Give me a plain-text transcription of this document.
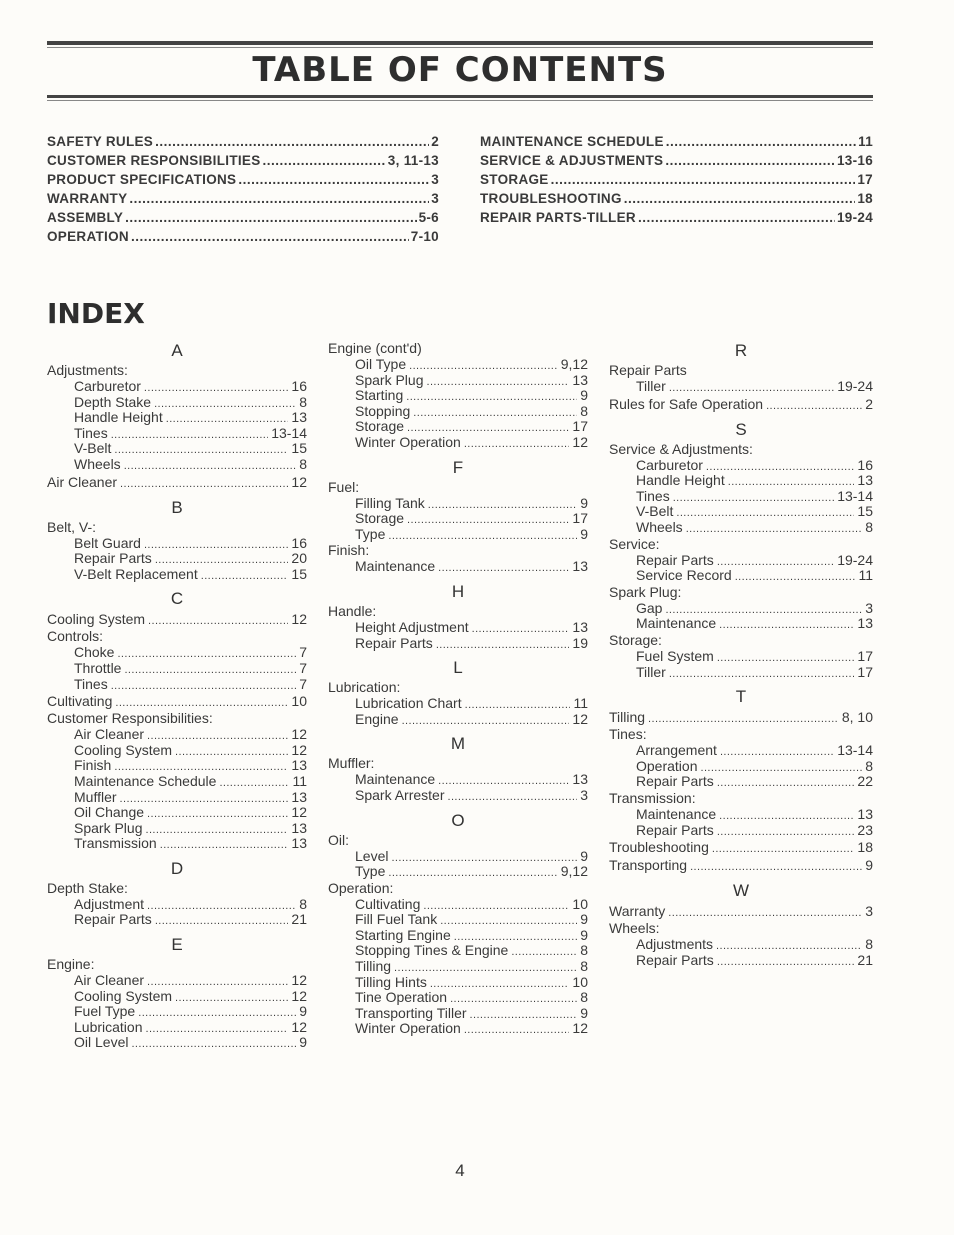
TABLE OF CONTENTS
SAFETY RULES .....	2
CUSTOMER RESPONSIBILITIES .....	3, 11-13
PRODUCT SPECIFICATIONS .....	3
WARRANTY .....	3
ASSEMBLY .....	5-6
OPERATION .....	7-10
MAINTENANCE SCHEDULE .....	11
SERVICE & ADJUSTMENTS .....	13-16
STORAGE .....	17
TROUBLESHOOTING .....	18
REPAIR PARTS-TILLER .....	19-24
INDEX
A
Adjustments:
Carburetor .....	16
Depth Stake .....	8
Handle Height .....	13
Tines .....	13-14
V-Belt .....	15
Wheels .....	8
Air Cleaner .....	12
B
Belt, V-:
Belt Guard .....	16
Repair Parts .....	20
V-Belt Replacement .....	15
C
Cooling System .....	12
Controls:
Choke .....	7
Throttle .....	7
Tines .....	7
Cultivating .....	10
Customer Responsibilities:
Air Cleaner .....	12
Cooling System .....	12
Finish .....	13
Maintenance Schedule .....	11
Muffler .....	13
Oil Change .....	12
Spark Plug .....	13
Transmission .....	13
D
Depth Stake:
Adjustment .....	8
Repair Parts .....	21
E
Engine:
Air Cleaner .....	12
Cooling System .....	12
Fuel Type .....	9
Lubrication .....	12
Oil Level .....	9
Engine (cont'd)
Oil Type .....	9,12
Spark Plug .....	13
Starting .....	9
Stopping .....	8
Storage .....	17
Winter Operation .....	12
F
Fuel:
Filling Tank .....	9
Storage .....	17
Type .....	9
Finish:
Maintenance .....	13
H
Handle:
Height Adjustment .....	13
Repair Parts .....	19
L
Lubrication:
Lubrication Chart .....	11
Engine .....	12
M
Muffler:
Maintenance .....	13
Spark Arrester .....	3
O
Oil:
Level .....	9
Type .....	9,12
Operation:
Cultivating .....	10
Fill Fuel Tank .....	9
Starting Engine .....	9
Stopping Tines & Engine .....	8
Tilling .....	8
Tilling Hints .....	10
Tine Operation .....	8
Transporting Tiller .....	9
Winter Operation .....	12
R
Repair Parts
Tiller .....	19-24
Rules for Safe Operation .....	2
S
Service & Adjustments:
Carburetor .....	16
Handle Height .....	13
Tines .....	13-14
V-Belt .....	15
Wheels .....	8
Service:
Repair Parts .....	19-24
Service Record .....	11
Spark Plug:
Gap .....	3
Maintenance .....	13
Storage:
Fuel System .....	17
Tiller .....	17
T
Tilling .....	8, 10
Tines:
Arrangement .....	13-14
Operation .....	8
Repair Parts .....	22
Transmission:
Maintenance .....	13
Repair Parts .....	23
Troubleshooting .....	18
Transporting .....	9
W
Warranty .....	3
Wheels:
Adjustments .....	8
Repair Parts .....	21
4
